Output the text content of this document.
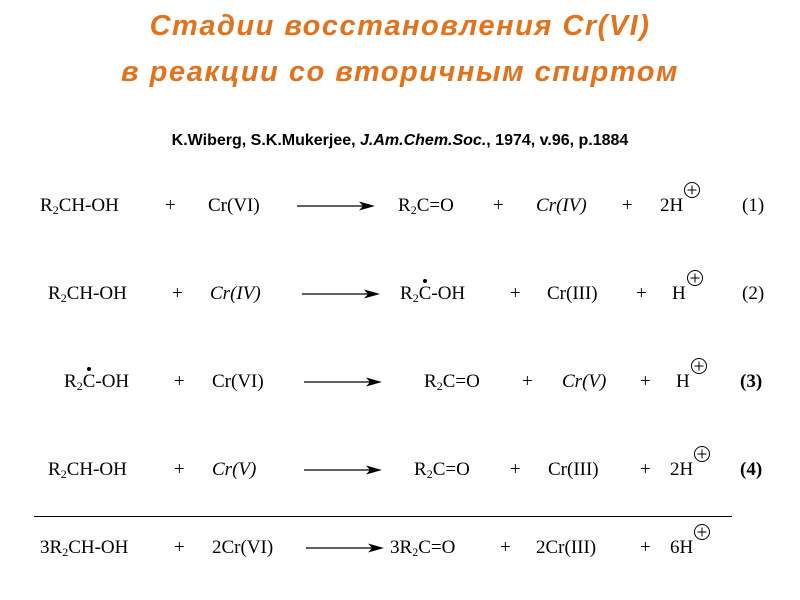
Стадии восстановления Cr(VI)
в реакции со вторичным спиртом
K.Wiberg, S.K.Mukerjee, J.Am.Chem.Soc., 1974, v.96, p.1884
$R_2CH-OH + Cr(VI)$	$R_2C=O + Cr(IV) + 2H$	(1)
$R_2CH-OH + Cr(IV)$	$R_2C-OH + Cr(III) + H$	(2)
$R_2C-OH + Cr(VI)$	$R_2C=O + Cr(V) + H$	(3)
$R_2CH-OH + Cr(V)$	$R_2C=O + Cr(III) + 2H$ (4)
$3R_2CH-OH + 2Cr(VI)$	$3R_2C=O + 2Cr(III) + 6H$
